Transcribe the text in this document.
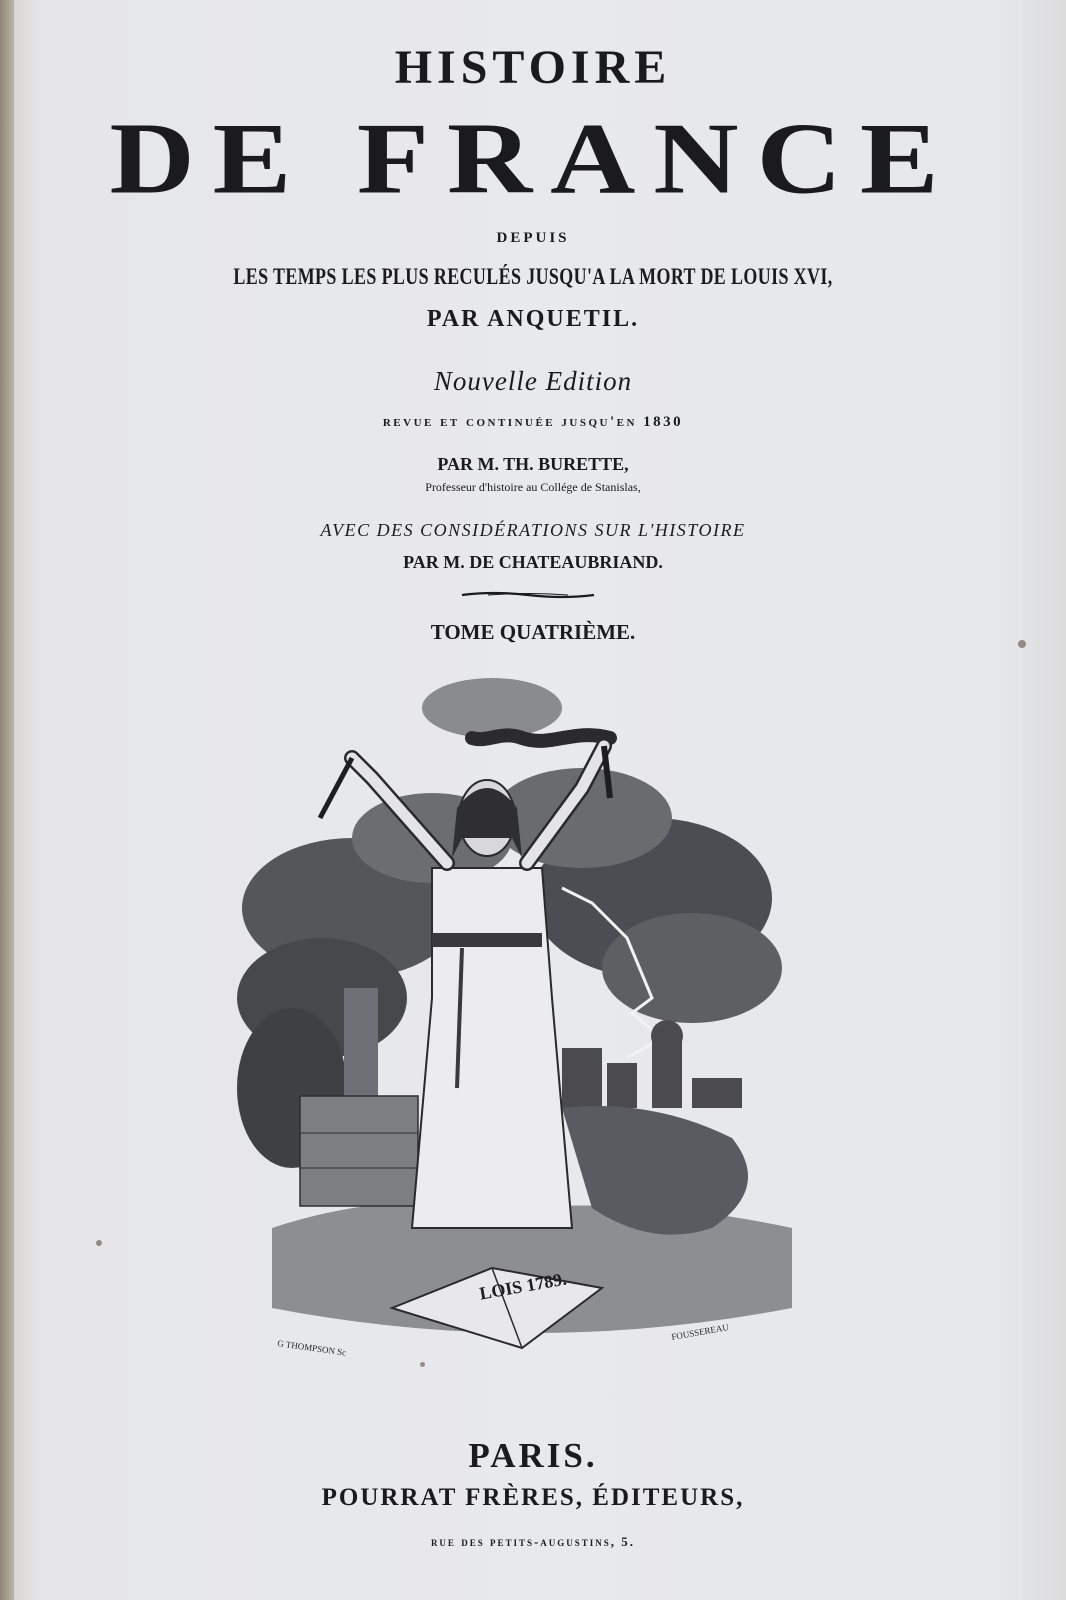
HISTOIRE
DE FRANCE
DEPUIS
LES TEMPS LES PLUS RECULÉS JUSQU'A LA MORT DE LOUIS XVI,
PAR ANQUETIL.
Nouvelle Edition
revue et continuée jusqu'en 1830
PAR M. TH. BURETTE,
Professeur d'histoire au Collége de Stanislas,
AVEC DES CONSIDÉRATIONS SUR L'HISTOIRE
PAR M. DE CHATEAUBRIAND.
TOME QUATRIÈME.
LOIS 1789.
G THOMPSON Sc
FOUSSEREAU
PARIS.
POURRAT FRÈRES, ÉDITEURS,
rue des petits-augustins, 5.
